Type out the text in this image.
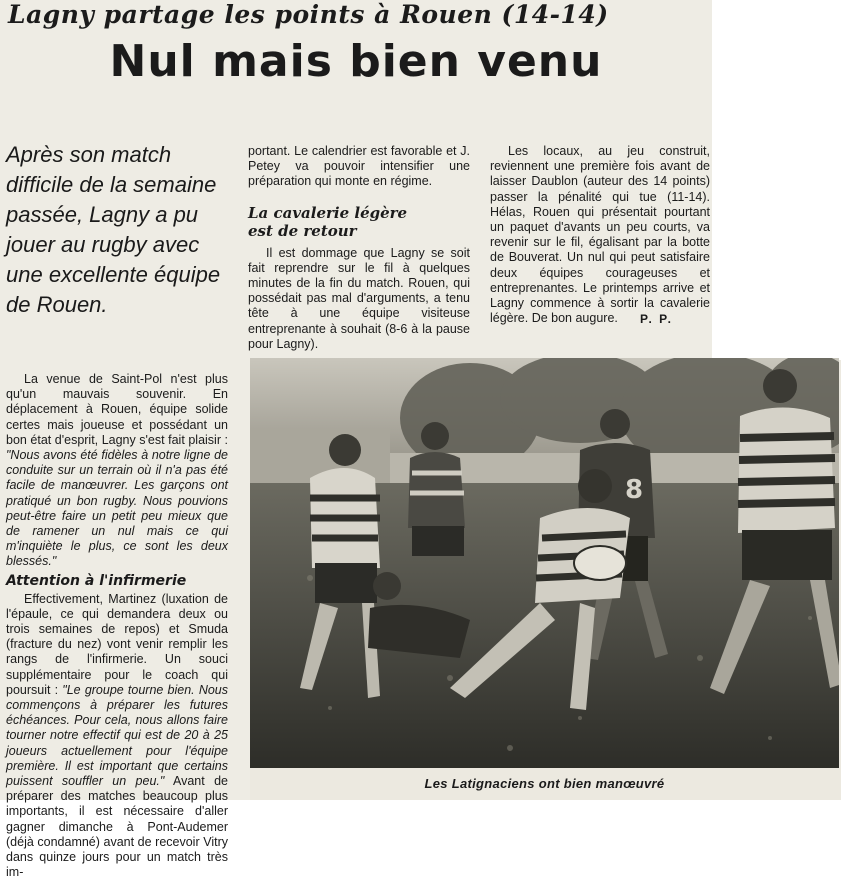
Lagny partage les points à Rouen (14-14)
Nul mais bien venu
Après son match difficile de la semaine passée, Lagny a pu jouer au rugby avec une excellente équipe de Rouen.

La venue de Saint-Pol n'est plus qu'un mauvais souvenir. En déplacement à Rouen, équipe solide certes mais joueuse et possédant un bon état d'esprit, Lagny s'est fait plaisir : "Nous avons été fidèles à notre ligne de conduite sur un terrain où il n'a pas été facile de manœuvrer. Les garçons ont pratiqué un bon rugby. Nous pouvions peut-être faire un petit peu mieux que de ramener un nul mais ce qui m'inquiète le plus, ce sont les deux blessés."

Attention à l'infirmerie

Effectivement, Martinez (luxation de l'épaule, ce qui demandera deux ou trois semaines de repos) et Smuda (fracture du nez) vont venir remplir les rangs de l'infirmerie. Un souci supplémentaire pour le coach qui poursuit : "Le groupe tourne bien. Nous commençons à préparer les futures échéances. Pour cela, nous allons faire tourner notre effectif qui est de 20 à 25 joueurs actuellement pour l'équipe première. Il est important que certains puissent souffler un peu." Avant de préparer des matches beaucoup plus importants, il est nécessaire d'aller gagner dimanche à Pont-Audemer (déjà condamné) avant de recevoir Vitry dans quinze jours pour un match très im-

portant. Le calendrier est favorable et J. Petey va pouvoir intensifier une préparation qui monte en régime.

La cavalerie légère est de retour

Il est dommage que Lagny se soit fait reprendre sur le fil à quelques minutes de la fin du match. Rouen, qui possédait pas mal d'arguments, a tenu tête à une équipe visiteuse entreprenante à souhait (8-6 à la pause pour Lagny).

Les locaux, au jeu construit, reviennent une première fois avant de laisser Daublon (auteur des 14 points) passer la pénalité qui tue (11-14). Hélas, Rouen qui présentait pourtant un paquet d'avants un peu courts, va revenir sur le fil, égalisant par la botte de Bouverat. Un nul qui peut satisfaire deux équipes courageuses et entreprenantes. Le printemps arrive et Lagny commence à sortir la cavalerie légère. De bon augure.	P. P.
8
Les Latignaciens ont bien manœuvré
